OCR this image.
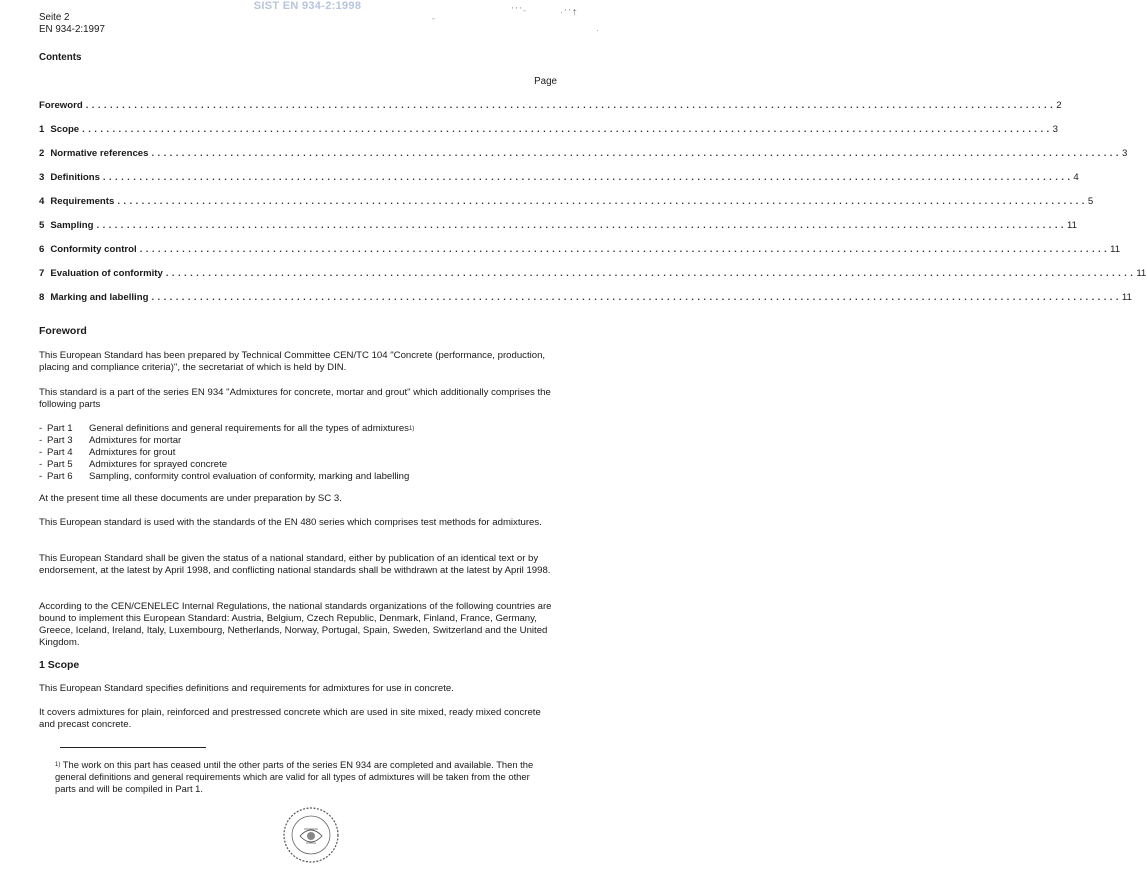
SIST EN 934-2:1998
Seite 2
EN 934-2:1997
-
' ' ' -	· ' ' †
·
Contents
Page
Foreword ................................................................................................................................................................ 2
1 Scope ................................................................................................................................................................ 3
2 Normative references ................................................................................................................................................................ 3
3 Definitions ................................................................................................................................................................ 4
4 Requirements ................................................................................................................................................................ 5
5 Sampling ................................................................................................................................................................ 11
6 Conformity control ................................................................................................................................................................ 11
7 Evaluation of conformity ................................................................................................................................................................ 11
8 Marking and labelling ................................................................................................................................................................ 11
Foreword

This European Standard has been prepared by Technical Committee CEN/TC 104 "Concrete (performance, production, placing and compliance criteria)", the secretariat of which is held by DIN.

This standard is a part of the series EN 934 "Admixtures for concrete, mortar and grout" which additionally comprises the following parts

- Part 1	General definitions and general requirements for all the types of admixtures 1)
- Part 3	Admixtures for mortar
- Part 4	Admixtures for grout
- Part 5	Admixtures for sprayed concrete
- Part 6	Sampling, conformity control evaluation of conformity, marking and labelling

At the present time all these documents are under preparation by SC 3.

This European standard is used with the standards of the EN 480 series which comprises test methods for admixtures.

This European Standard shall be given the status of a national standard, either by publication of an identical text or by endorsement, at the latest by April 1998, and conflicting national standards shall be withdrawn at the latest by April 1998.

According to the CEN/CENELEC Internal Regulations, the national standards organizations of the following countries are bound to implement this European Standard: Austria, Belgium, Czech Republic, Denmark, Finland, France, Germany, Greece, Iceland, Ireland, Italy, Luxembourg, Netherlands, Norway, Portugal, Spain, Sweden, Switzerland and the United Kingdom.

1 Scope

This European Standard specifies definitions and requirements for admixtures for use in concrete.

It covers admixtures for plain, reinforced and prestressed concrete which are used in site mixed, ready mixed concrete and precast concrete.

$^{1)}$ The work on this part has ceased until the other parts of the series EN 934 are completed and available. Then the general definitions and general requirements which are valid for all types of admixtures will be taken from the other parts and will be compiled in Part 1.
